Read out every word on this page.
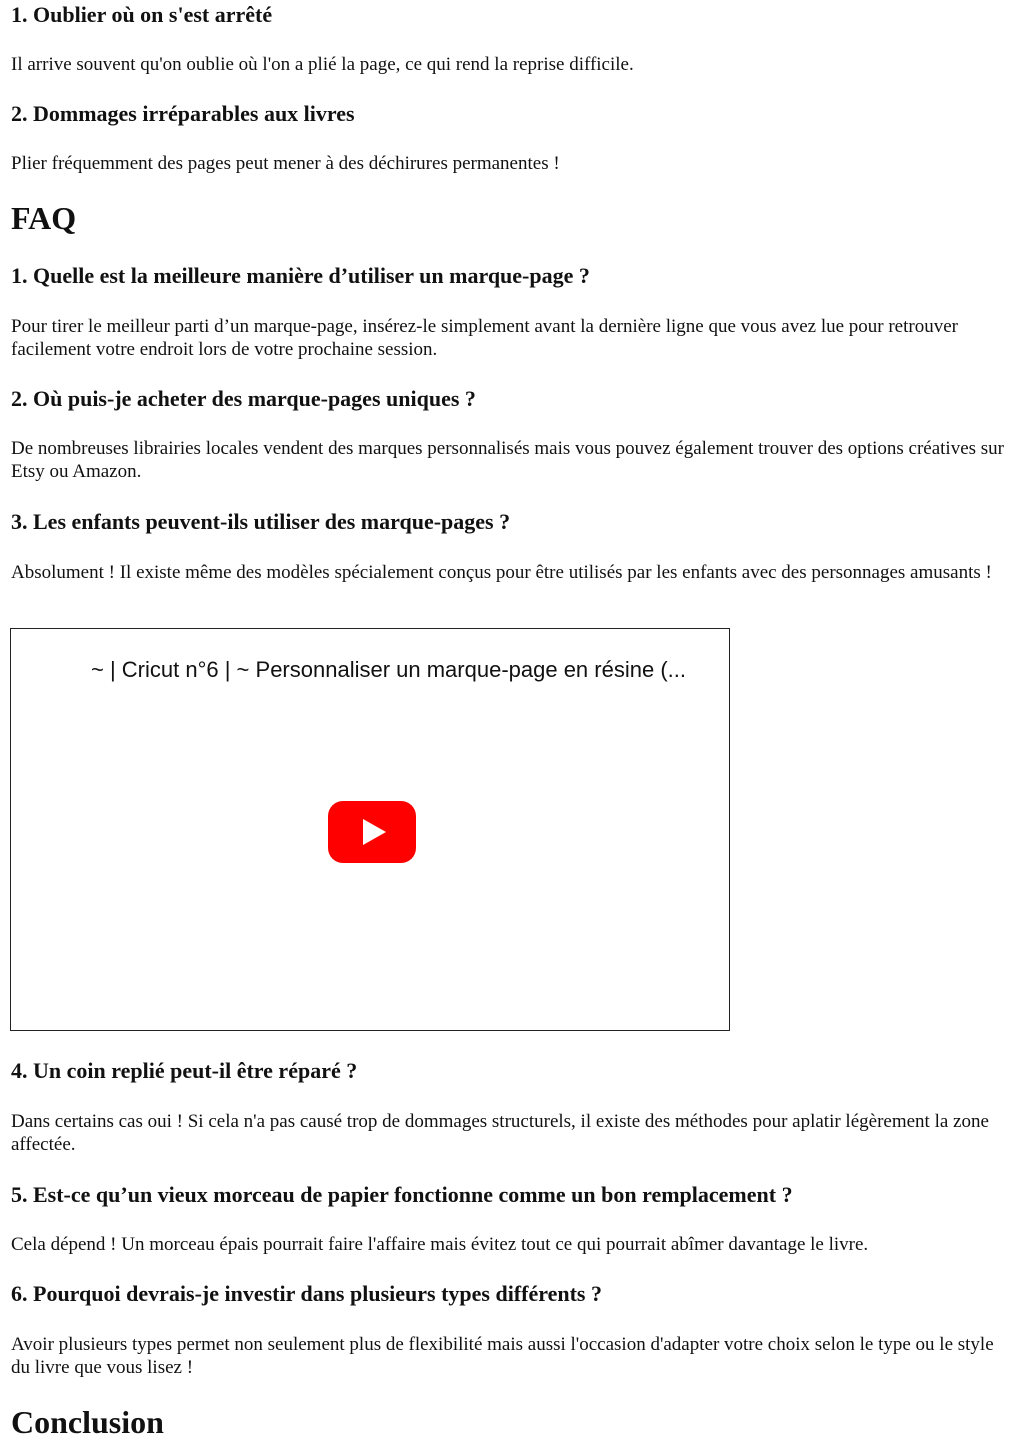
1. Oublier où on s'est arrêté

Il arrive souvent qu'on oublie où l'on a plié la page, ce qui rend la reprise difficile.

2. Dommages irréparables aux livres

Plier fréquemment des pages peut mener à des déchirures permanentes !

FAQ
1. Quelle est la meilleure manière d’utiliser un marque-page ?

Pour tirer le meilleur parti d’un marque-page, insérez-le simplement avant la dernière ligne que vous avez lue pour retrouver facilement votre endroit lors de votre prochaine session.

2. Où puis-je acheter des marque-pages uniques ?

De nombreuses librairies locales vendent des marques personnalisés mais vous pouvez également trouver des options créatives sur Etsy ou Amazon.

3. Les enfants peuvent-ils utiliser des marque-pages ?

Absolument ! Il existe même des modèles spécialement conçus pour être utilisés par les enfants avec des personnages amusants !

~ | Cricut n°6 | ~ Personnaliser un marque-page en résine (...
4. Un coin replié peut-il être réparé ?

Dans certains cas oui ! Si cela n'a pas causé trop de dommages structurels, il existe des méthodes pour aplatir légèrement la zone affectée.

5. Est-ce qu’un vieux morceau de papier fonctionne comme un bon remplacement ?

Cela dépend ! Un morceau épais pourrait faire l'affaire mais évitez tout ce qui pourrait abîmer davantage le livre.

6. Pourquoi devrais-je investir dans plusieurs types différents ?

Avoir plusieurs types permet non seulement plus de flexibilité mais aussi l'occasion d'adapter votre choix selon le type ou le style du livre que vous lisez !

Conclusion
